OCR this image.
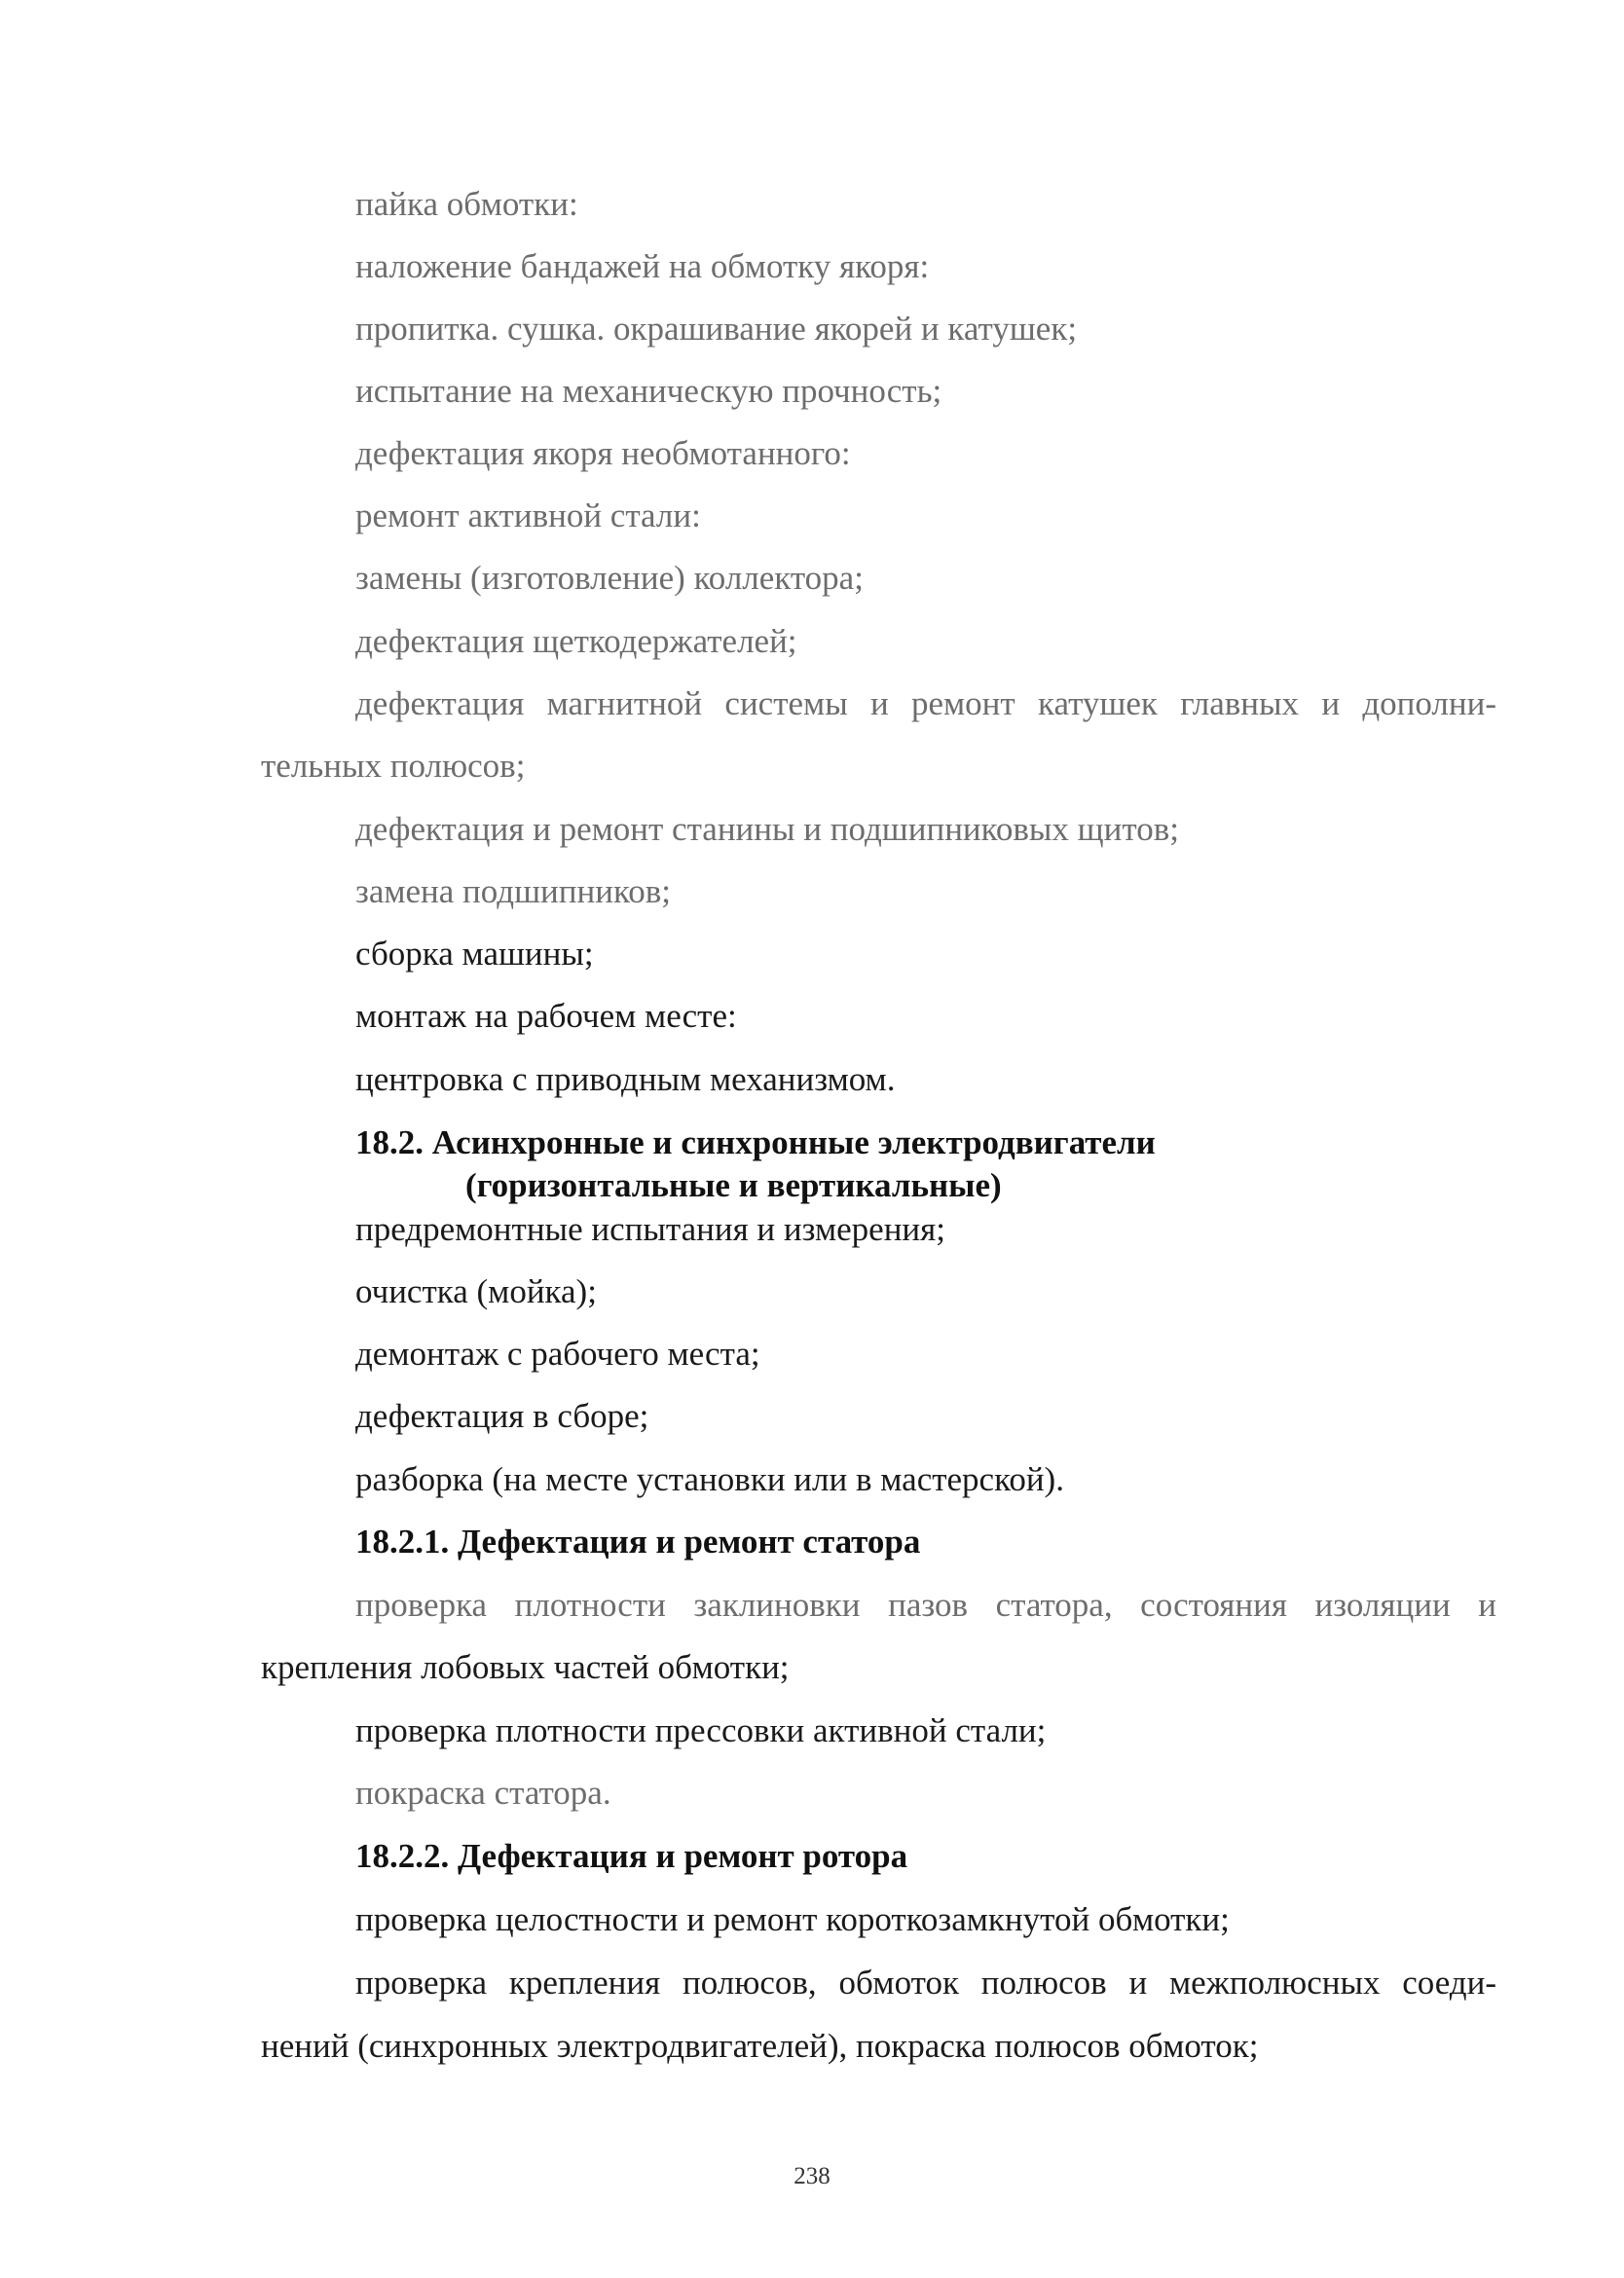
пайка обмотки:
наложение бандажей на обмотку якоря:
пропитка. сушка. окрашивание якорей и катушек;
испытание на механическую прочность;
дефектация якоря необмотанного:
ремонт активной стали:
замены (изготовление) коллектора;
дефектация щеткодержателей;
дефектация магнитной системы и ремонт катушек главных и дополни-
тельных полюсов;
дефектация и ремонт станины и подшипниковых щитов;
замена подшипников;
сборка машины;
монтаж на рабочем месте:
центровка с приводным механизмом.
18.2. Асинхронные и синхронные электродвигатели
(горизонтальные и вертикальные)
предремонтные испытания и измерения;
очистка (мойка);
демонтаж с рабочего места;
дефектация в сборе;
разборка (на месте установки или в мастерской).
18.2.1. Дефектация и ремонт статора
проверка плотности заклиновки пазов статора, состояния изоляции и
крепления лобовых частей обмотки;
проверка плотности прессовки активной стали;
покраска статора.
18.2.2. Дефектация и ремонт ротора
проверка целостности и ремонт короткозамкнутой обмотки;
проверка крепления полюсов, обмоток полюсов и межполюсных соеди-
нений (синхронных электродвигателей), покраска полюсов обмоток;
238
